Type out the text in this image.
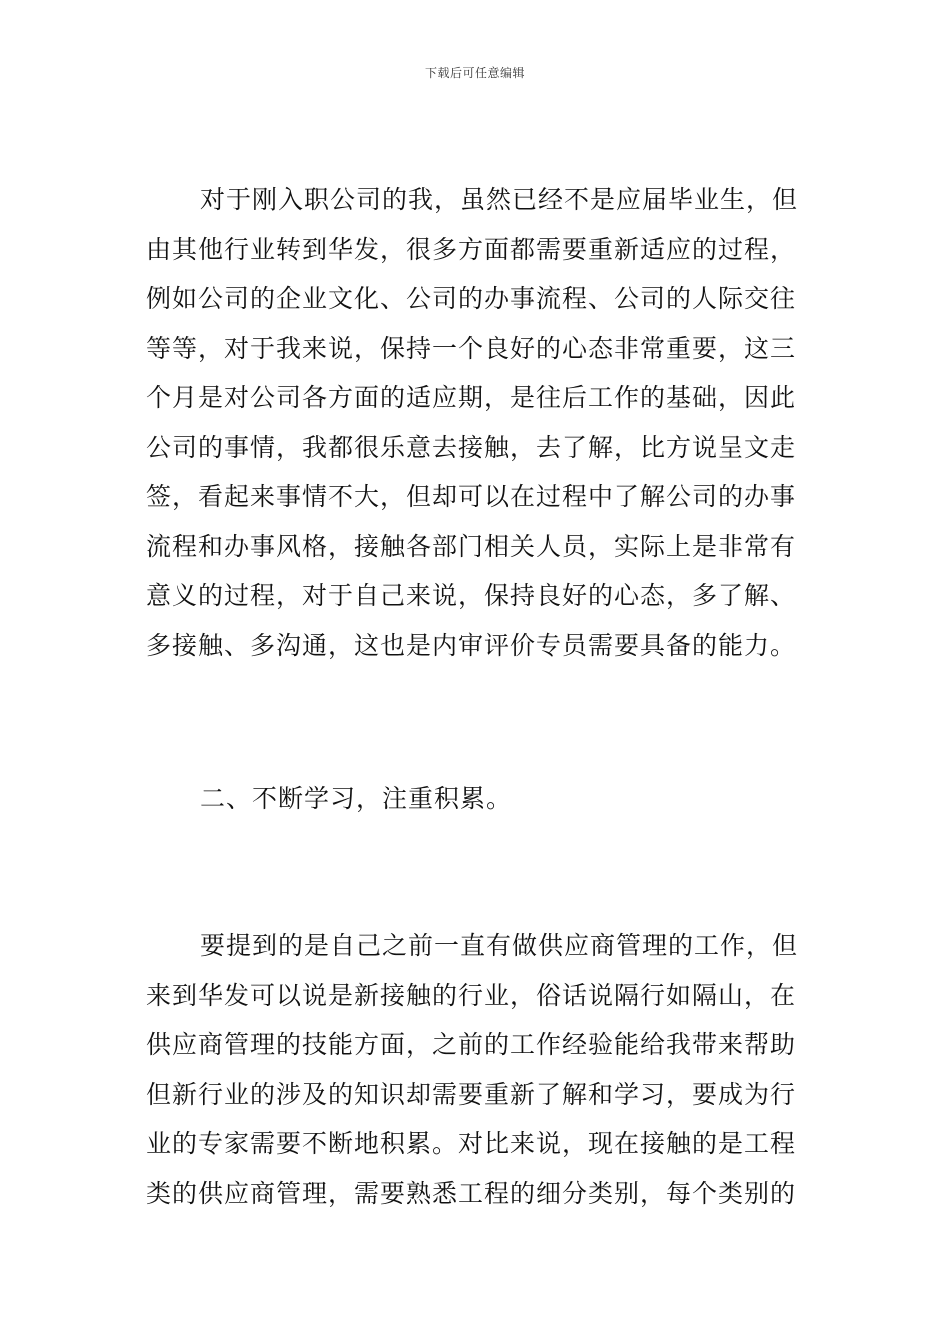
下载后可任意编辑
对于刚入职公司的我，虽然已经不是应届毕业生，但
由其他行业转到华发，很多方面都需要重新适应的过程，
例如公司的企业文化、公司的办事流程、公司的人际交往
等等，对于我来说，保持一个良好的心态非常重要，这三
个月是对公司各方面的适应期，是往后工作的基础，因此
公司的事情，我都很乐意去接触，去了解，比方说呈文走
签，看起来事情不大，但却可以在过程中了解公司的办事
流程和办事风格，接触各部门相关人员，实际上是非常有
意义的过程，对于自己来说，保持良好的心态，多了解、
多接触、多沟通，这也是内审评价专员需要具备的能力。
二、不断学习，注重积累。
要提到的是自己之前一直有做供应商管理的工作，但
来到华发可以说是新接触的行业，俗话说隔行如隔山，在
供应商管理的技能方面，之前的工作经验能给我带来帮助
但新行业的涉及的知识却需要重新了解和学习，要成为行
业的专家需要不断地积累。对比来说，现在接触的是工程
类的供应商管理，需要熟悉工程的细分类别，每个类别的
